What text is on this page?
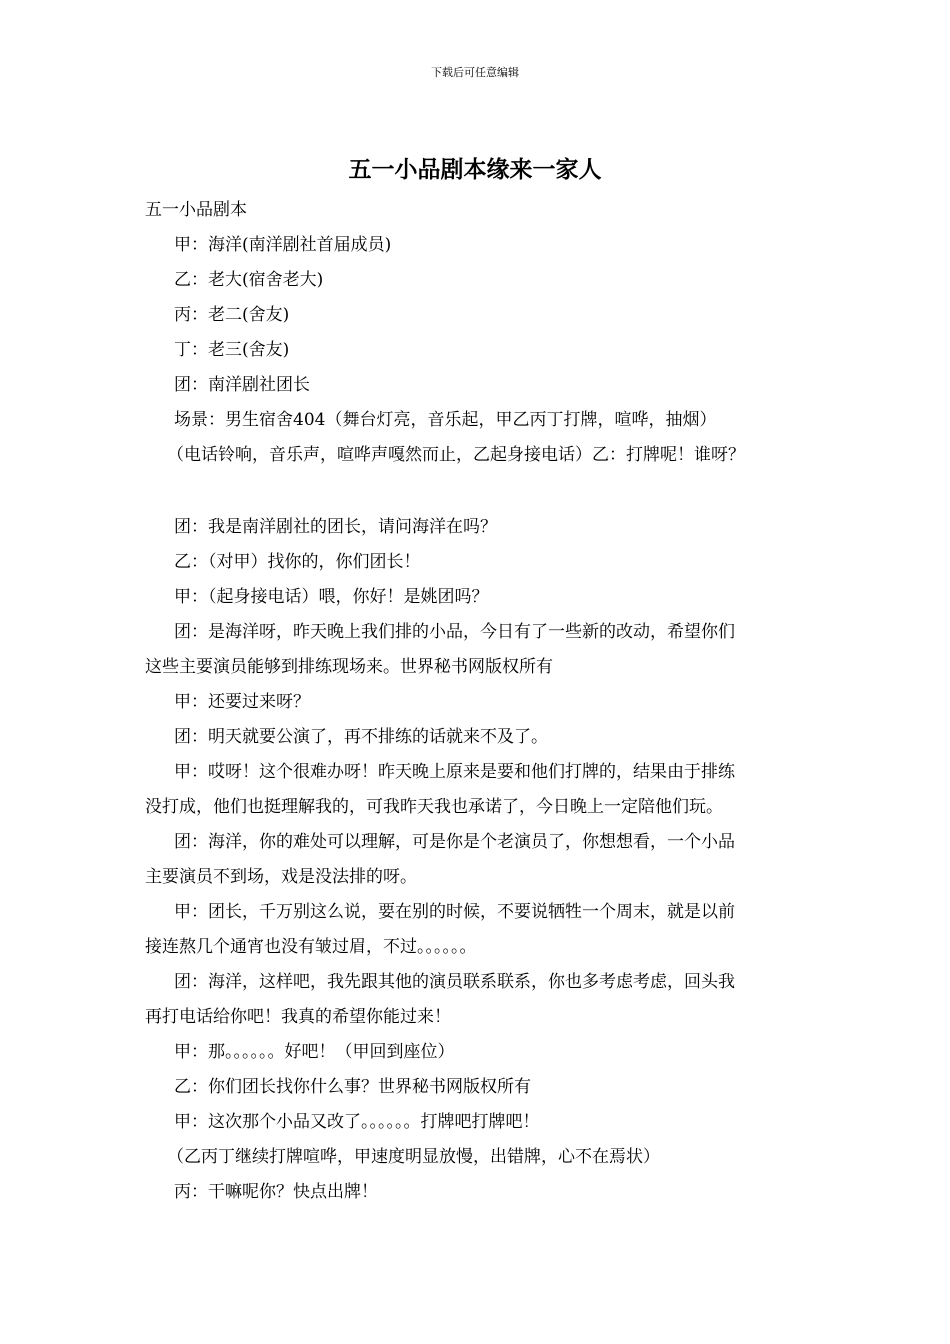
下载后可任意编辑
五一小品剧本缘来一家人
五一小品剧本
甲：海洋(南洋剧社首届成员)
乙：老大(宿舍老大)
丙：老二(舍友)
丁：老三(舍友)
团：南洋剧社团长
场景：男生宿舍404（舞台灯亮，音乐起，甲乙丙丁打牌，喧哗，抽烟）
（电话铃响，音乐声，喧哗声嘎然而止，乙起身接电话）乙：打牌呢！谁呀？
团：我是南洋剧社的团长，请问海洋在吗？
乙：（对甲）找你的，你们团长！
甲：（起身接电话）喂，你好！是姚团吗？
团：是海洋呀，昨天晚上我们排的小品，今日有了一些新的改动，希望你们
这些主要演员能够到排练现场来。世界秘书网版权所有
甲：还要过来呀？
团：明天就要公演了，再不排练的话就来不及了。
甲：哎呀！这个很难办呀！昨天晚上原来是要和他们打牌的，结果由于排练
没打成，他们也挺理解我的，可我昨天我也承诺了，今日晚上一定陪他们玩。
团：海洋，你的难处可以理解，可是你是个老演员了，你想想看，一个小品
主要演员不到场，戏是没法排的呀。
甲：团长，千万别这么说，要在别的时候，不要说牺牲一个周末，就是以前
接连熬几个通宵也没有皱过眉，不过。。。。。。
团：海洋，这样吧，我先跟其他的演员联系联系，你也多考虑考虑，回头我
再打电话给你吧！我真的希望你能过来！
甲：那。。。。。。好吧！（甲回到座位）
乙：你们团长找你什么事？世界秘书网版权所有
甲：这次那个小品又改了。。。。。。打牌吧打牌吧！
（乙丙丁继续打牌喧哗，甲速度明显放慢，出错牌，心不在焉状）
丙：干嘛呢你？快点出牌！
